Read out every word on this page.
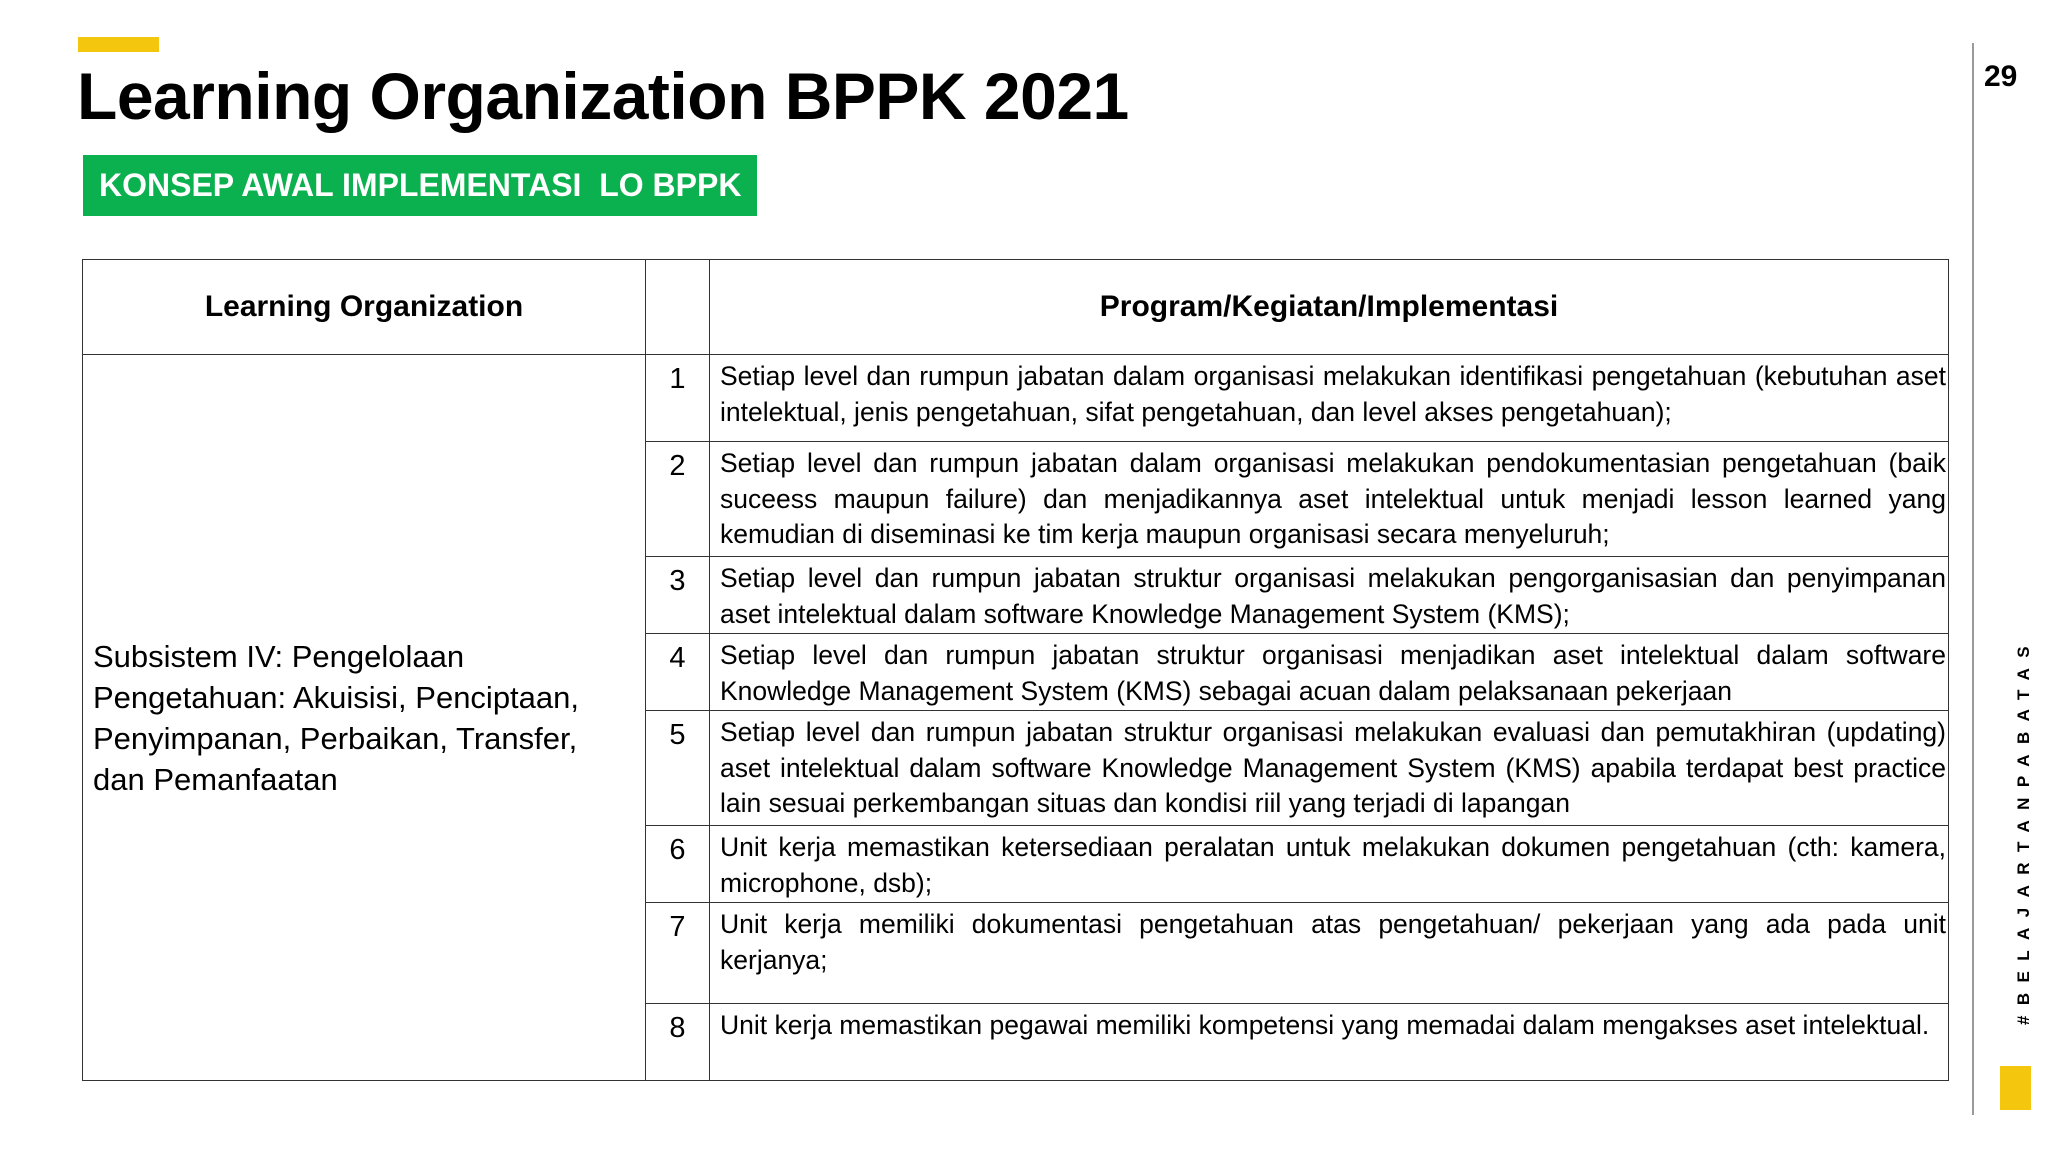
Learning Organization BPPK 2021
KONSEP AWAL IMPLEMENTASI  LO BPPK
29
#BELAJARTANPABATAS
Learning Organization		Program/Kegiatan/Implementasi
Subsistem IV: Pengelolaan Pengetahuan: Akuisisi, Penciptaan, Penyimpanan, Perbaikan, Transfer, dan Pemanfaatan	1	Setiap level dan rumpun jabatan dalam organisasi melakukan identifikasi pengetahuan (kebutuhan aset intelektual, jenis pengetahuan, sifat pengetahuan, dan level akses pengetahuan);
	2	Setiap level dan rumpun jabatan dalam organisasi melakukan pendokumentasian pengetahuan (baik suceess maupun failure) dan menjadikannya aset intelektual untuk menjadi lesson learned yang kemudian di diseminasi ke tim kerja maupun organisasi secara menyeluruh;
	3	Setiap level dan rumpun jabatan struktur organisasi melakukan pengorganisasian dan penyimpanan aset intelektual dalam software Knowledge Management System (KMS);
	4	Setiap level dan rumpun jabatan struktur organisasi menjadikan aset intelektual dalam software Knowledge Management System (KMS) sebagai acuan dalam pelaksanaan pekerjaan
	5	Setiap level dan rumpun jabatan struktur organisasi melakukan evaluasi dan pemutakhiran (updating) aset intelektual dalam software Knowledge Management System (KMS) apabila terdapat best practice lain sesuai perkembangan situas dan kondisi riil yang terjadi di lapangan
	6	Unit kerja memastikan ketersediaan peralatan untuk melakukan dokumen pengetahuan (cth: kamera, microphone, dsb);
	7	Unit kerja memiliki dokumentasi pengetahuan atas pengetahuan/ pekerjaan yang ada pada unit kerjanya;
	8	Unit kerja memastikan pegawai memiliki kompetensi yang memadai dalam mengakses aset intelektual.
